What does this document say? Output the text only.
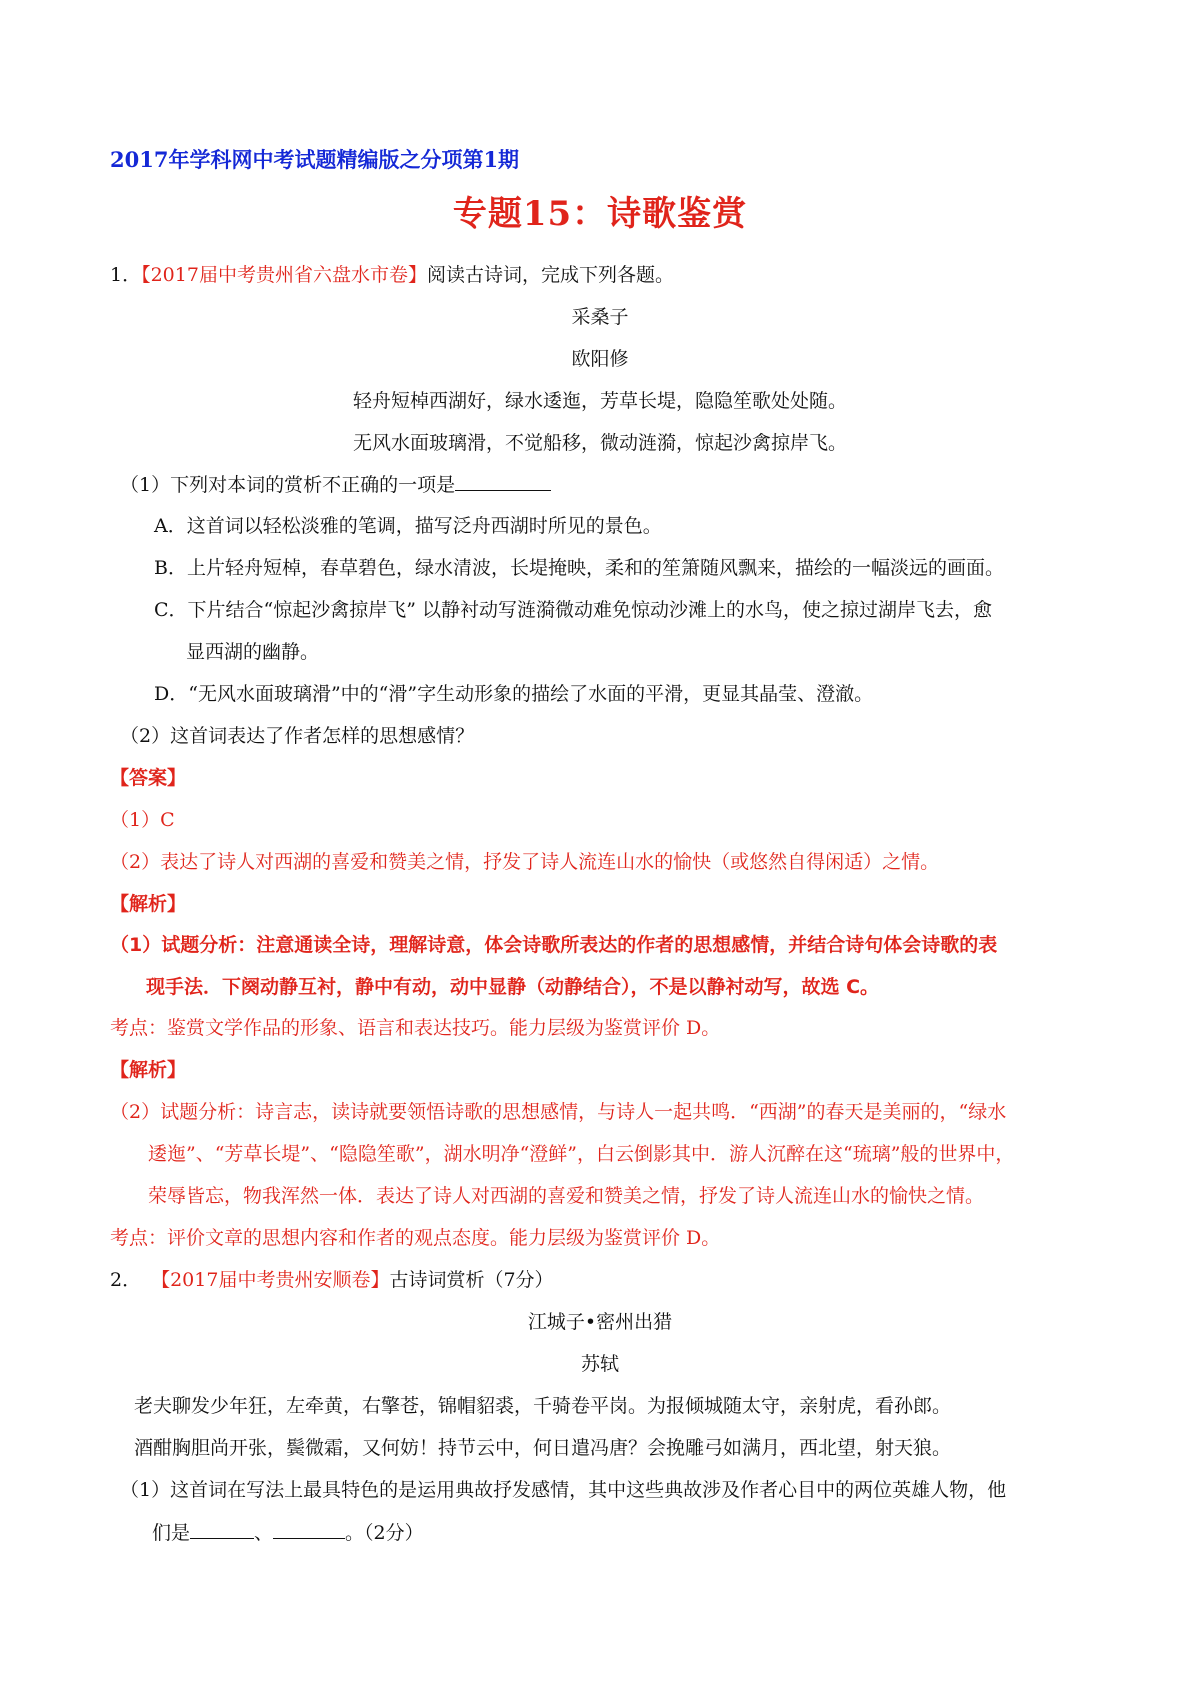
2017年学科网中考试题精编版之分项第1期
专题15：诗歌鉴赏
1．【2017届中考贵州省六盘水市卷】阅读古诗词，完成下列各题。
采桑子
欧阳修
轻舟短棹西湖好，绿水逶迤，芳草长堤，隐隐笙歌处处随。
无风水面玻璃滑，不觉船移，微动涟漪，惊起沙禽掠岸飞。
（1）下列对本词的赏析不正确的一项是
A．这首词以轻松淡雅的笔调，描写泛舟西湖时所见的景色。
B．上片轻舟短棹，春草碧色，绿水清波，长堤掩映，柔和的笙箫随风飘来，描绘的一幅淡远的画面。
C．下片结合“惊起沙禽掠岸飞” 以静衬动写涟漪微动难免惊动沙滩上的水鸟，使之掠过湖岸飞去，愈
显西湖的幽静。
D．“无风水面玻璃滑”中的“滑”字生动形象的描绘了水面的平滑，更显其晶莹、澄澈。
（2）这首词表达了作者怎样的思想感情？
【答案】
（1）C
（2）表达了诗人对西湖的喜爱和赞美之情，抒发了诗人流连山水的愉快（或悠然自得闲适）之情。
【解析】
（1）试题分析：注意通读全诗，理解诗意，体会诗歌所表达的作者的思想感情，并结合诗句体会诗歌的表
现手法．下阕动静互衬，静中有动，动中显静（动静结合），不是以静衬动写，故选 C。
考点：鉴赏文学作品的形象、语言和表达技巧。能力层级为鉴赏评价 D。
【解析】
（2）试题分析：诗言志，读诗就要领悟诗歌的思想感情，与诗人一起共鸣．“西湖”的春天是美丽的，“绿水
逶迤”、“芳草长堤”、“隐隐笙歌”，湖水明净“澄鲜”，白云倒影其中．游人沉醉在这“琉璃”般的世界中，
荣辱皆忘，物我浑然一体．表达了诗人对西湖的喜爱和赞美之情，抒发了诗人流连山水的愉快之情。
考点：评价文章的思想内容和作者的观点态度。能力层级为鉴赏评价 D。
2． 【2017届中考贵州安顺卷】古诗词赏析（7分）
江城子•密州出猎
苏轼
老夫聊发少年狂，左牵黄，右擎苍，锦帽貂裘，千骑卷平岗。为报倾城随太守，亲射虎，看孙郎。
酒酣胸胆尚开张，鬓微霜，又何妨！持节云中，何日遣冯唐？会挽雕弓如满月，西北望，射天狼。
（1）这首词在写法上最具特色的是运用典故抒发感情，其中这些典故涉及作者心目中的两位英雄人物，他
们是	、	。（2分）
